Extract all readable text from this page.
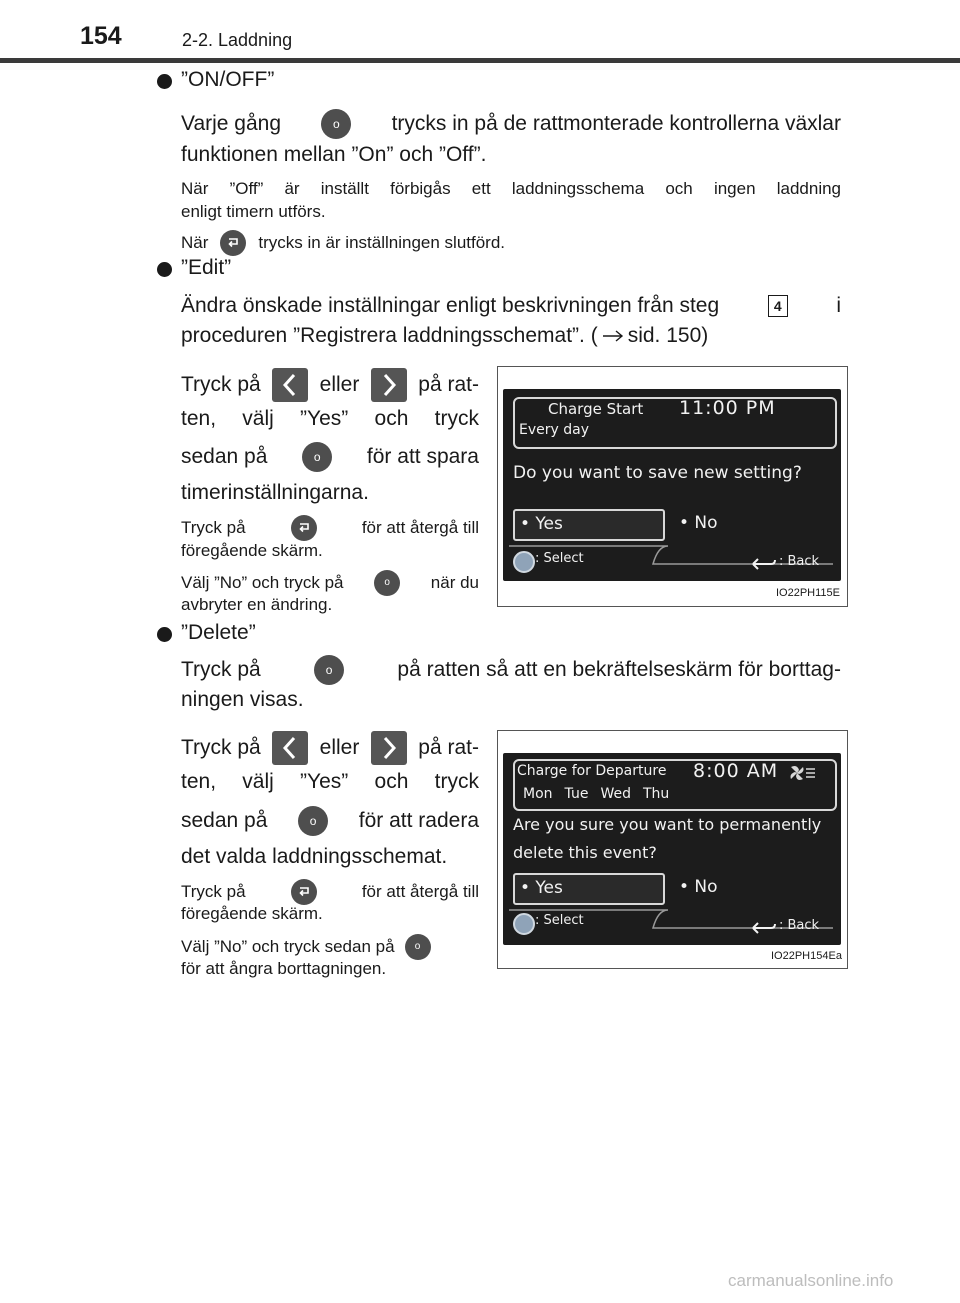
154	2-2. Laddning
”ON/OFF”
Varje gång	o	trycks in på de rattmonterade kontrollerna växlar
funktionen mellan ”On” och ”Off”.
När ”Off” är inställt förbigås ett laddningsschema och ingen laddning
enligt timern utförs.
När	trycks in är inställningen slutförd.
”Edit”
Ändra önskade inställningar enligt beskrivningen från steg	4	i
proceduren ”Registrera laddningsschemat”. ( sid. 150)
Tryck på	eller	på rat-
ten, välj ”Yes” och tryck
sedan på	o	för att spara
timerinställningarna.
Tryck på	för att återgå till
föregående skärm.
Välj ”No” och tryck på	o	när du
avbryter en ändring.
Charge Start 11:00 PM
Every day
Do you want to save new setting?
• Yes	• No
: Select	: Back
IO22PH115E
”Delete”
Tryck på	o	på ratten så att en bekräftelseskärm för borttag-
ningen visas.
Tryck på	eller	på rat-
ten, välj ”Yes” och tryck
sedan på	o	för att radera
det valda laddningsschemat.
Tryck på	för att återgå till
föregående skärm.
Välj ”No” och tryck sedan på	o
för att ångra borttagningen.
Charge for Departure 8:00 AM
Mon Tue Wed Thu
Are you sure you want to permanently
delete this event?
• Yes	• No
: Select	: Back
IO22PH154Ea
carmanualsonline.info
